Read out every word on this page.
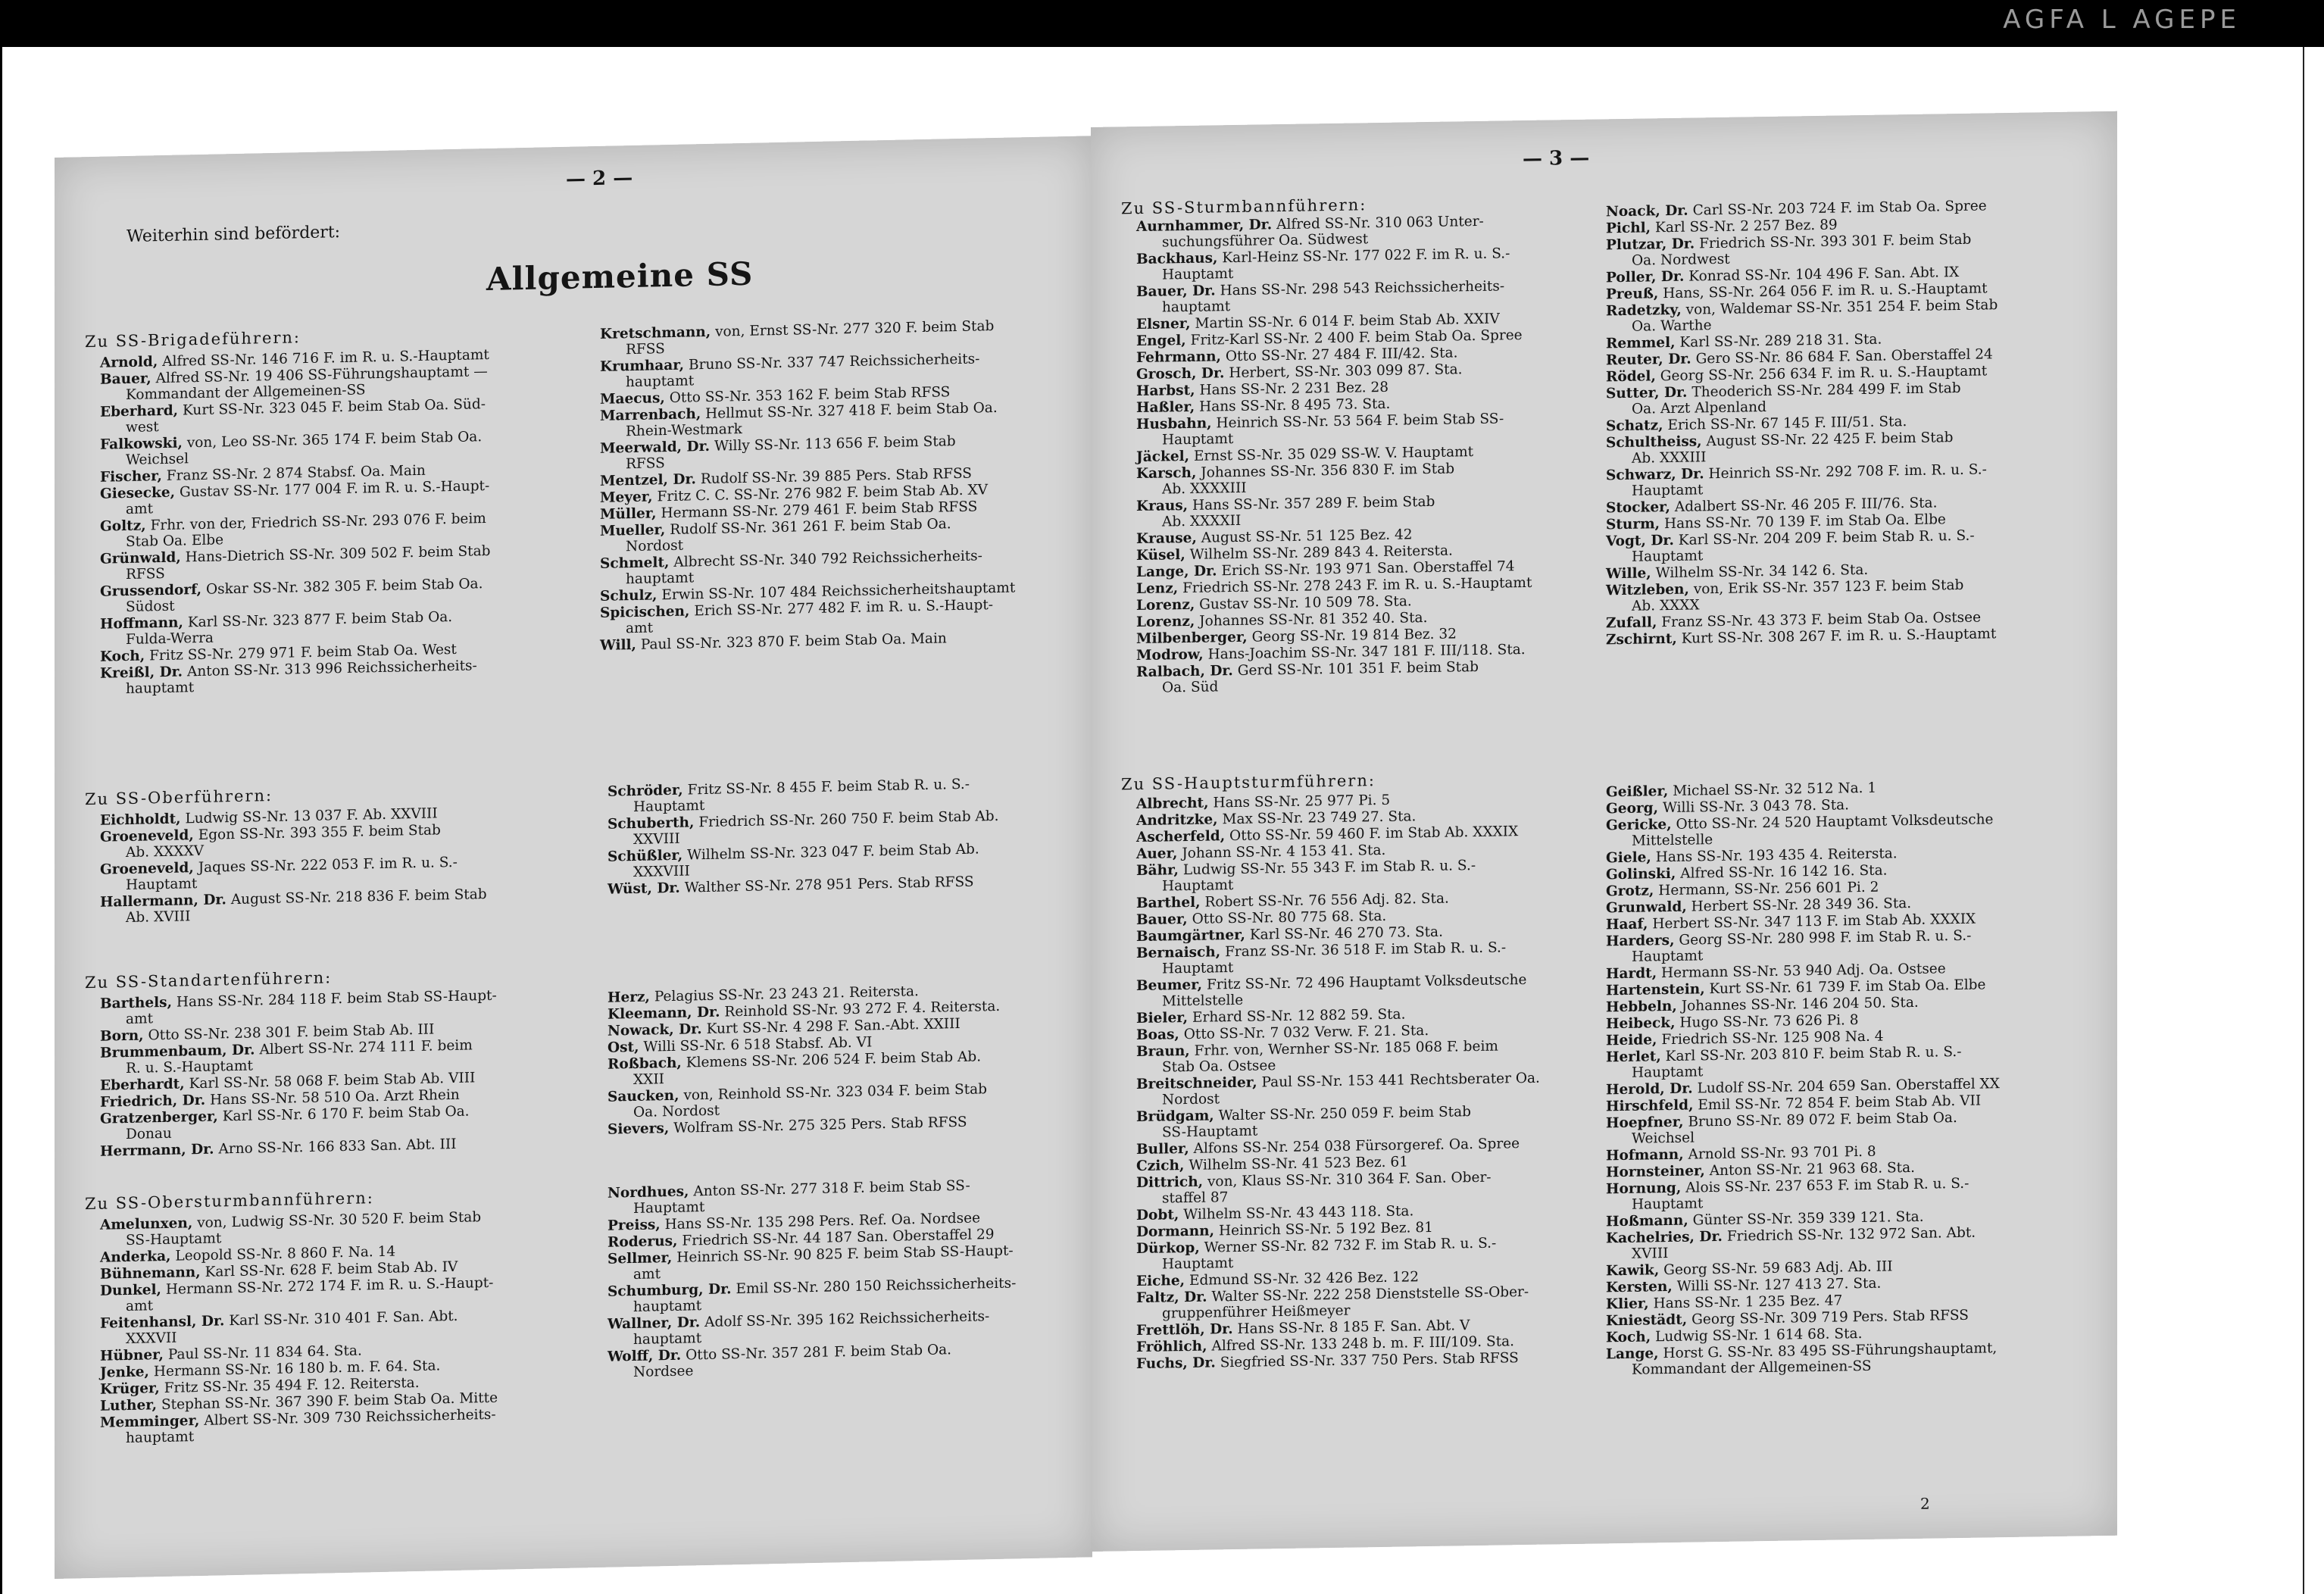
AGFA L AGEPE
— 2 —
Weiterhin sind befördert:
Allgemeine SS
Zu SS-Brigadeführern:
Arnold, Alfred SS-Nr. 146 716 F. im R. u. S.-Hauptamt
Bauer, Alfred SS-Nr. 19 406 SS-Führungshauptamt —
Kommandant der Allgemeinen-SS
Eberhard, Kurt SS-Nr. 323 045 F. beim Stab Oa. Süd-
west
Falkowski, von, Leo SS-Nr. 365 174 F. beim Stab Oa.
Weichsel
Fischer, Franz SS-Nr. 2 874 Stabsf. Oa. Main
Giesecke, Gustav SS-Nr. 177 004 F. im R. u. S.-Haupt-
amt
Goltz, Frhr. von der, Friedrich SS-Nr. 293 076 F. beim
Stab Oa. Elbe
Grünwald, Hans-Dietrich SS-Nr. 309 502 F. beim Stab
RFSS
Grussendorf, Oskar SS-Nr. 382 305 F. beim Stab Oa.
Südost
Hoffmann, Karl SS-Nr. 323 877 F. beim Stab Oa.
Fulda-Werra
Koch, Fritz SS-Nr. 279 971 F. beim Stab Oa. West
Kreißl, Dr. Anton SS-Nr. 313 996 Reichssicherheits-
hauptamt
Kretschmann, von, Ernst SS-Nr. 277 320 F. beim Stab
RFSS
Krumhaar, Bruno SS-Nr. 337 747 Reichssicherheits-
hauptamt
Maecus, Otto SS-Nr. 353 162 F. beim Stab RFSS
Marrenbach, Hellmut SS-Nr. 327 418 F. beim Stab Oa.
Rhein-Westmark
Meerwald, Dr. Willy SS-Nr. 113 656 F. beim Stab
RFSS
Mentzel, Dr. Rudolf SS-Nr. 39 885 Pers. Stab RFSS
Meyer, Fritz C. C. SS-Nr. 276 982 F. beim Stab Ab. XV
Müller, Hermann SS-Nr. 279 461 F. beim Stab RFSS
Mueller, Rudolf SS-Nr. 361 261 F. beim Stab Oa.
Nordost
Schmelt, Albrecht SS-Nr. 340 792 Reichssicherheits-
hauptamt
Schulz, Erwin SS-Nr. 107 484 Reichssicherheitshauptamt
Spicischen, Erich SS-Nr. 277 482 F. im R. u. S.-Haupt-
amt
Will, Paul SS-Nr. 323 870 F. beim Stab Oa. Main
Zu SS-Oberführern:
Eichholdt, Ludwig SS-Nr. 13 037 F. Ab. XXVIII
Groeneveld, Egon SS-Nr. 393 355 F. beim Stab
Ab. XXXXV
Groeneveld, Jaques SS-Nr. 222 053 F. im R. u. S.-
Hauptamt
Hallermann, Dr. August SS-Nr. 218 836 F. beim Stab
Ab. XVIII
Schröder, Fritz SS-Nr. 8 455 F. beim Stab R. u. S.-
Hauptamt
Schuberth, Friedrich SS-Nr. 260 750 F. beim Stab Ab.
XXVIII
Schüßler, Wilhelm SS-Nr. 323 047 F. beim Stab Ab.
XXXVIII
Wüst, Dr. Walther SS-Nr. 278 951 Pers. Stab RFSS
Zu SS-Standartenführern:
Barthels, Hans SS-Nr. 284 118 F. beim Stab SS-Haupt-
amt
Born, Otto SS-Nr. 238 301 F. beim Stab Ab. III
Brummenbaum, Dr. Albert SS-Nr. 274 111 F. beim
R. u. S.-Hauptamt
Eberhardt, Karl SS-Nr. 58 068 F. beim Stab Ab. VIII
Friedrich, Dr. Hans SS-Nr. 58 510 Oa. Arzt Rhein
Gratzenberger, Karl SS-Nr. 6 170 F. beim Stab Oa.
Donau
Herrmann, Dr. Arno SS-Nr. 166 833 San. Abt. III
Herz, Pelagius SS-Nr. 23 243 21. Reitersta.
Kleemann, Dr. Reinhold SS-Nr. 93 272 F. 4. Reitersta.
Nowack, Dr. Kurt SS-Nr. 4 298 F. San.-Abt. XXIII
Ost, Willi SS-Nr. 6 518 Stabsf. Ab. VI
Roßbach, Klemens SS-Nr. 206 524 F. beim Stab Ab.
XXII
Saucken, von, Reinhold SS-Nr. 323 034 F. beim Stab
Oa. Nordost
Sievers, Wolfram SS-Nr. 275 325 Pers. Stab RFSS
Zu SS-Obersturmbannführern:
Amelunxen, von, Ludwig SS-Nr. 30 520 F. beim Stab
SS-Hauptamt
Anderka, Leopold SS-Nr. 8 860 F. Na. 14
Bühnemann, Karl SS-Nr. 628 F. beim Stab Ab. IV
Dunkel, Hermann SS-Nr. 272 174 F. im R. u. S.-Haupt-
amt
Feitenhansl, Dr. Karl SS-Nr. 310 401 F. San. Abt.
XXXVII
Hübner, Paul SS-Nr. 11 834 64. Sta.
Jenke, Hermann SS-Nr. 16 180 b. m. F. 64. Sta.
Krüger, Fritz SS-Nr. 35 494 F. 12. Reitersta.
Luther, Stephan SS-Nr. 367 390 F. beim Stab Oa. Mitte
Memminger, Albert SS-Nr. 309 730 Reichssicherheits-
hauptamt
Nordhues, Anton SS-Nr. 277 318 F. beim Stab SS-
Hauptamt
Preiss, Hans SS-Nr. 135 298 Pers. Ref. Oa. Nordsee
Roderus, Friedrich SS-Nr. 44 187 San. Oberstaffel 29
Sellmer, Heinrich SS-Nr. 90 825 F. beim Stab SS-Haupt-
amt
Schumburg, Dr. Emil SS-Nr. 280 150 Reichssicherheits-
hauptamt
Wallner, Dr. Adolf SS-Nr. 395 162 Reichssicherheits-
hauptamt
Wolff, Dr. Otto SS-Nr. 357 281 F. beim Stab Oa.
Nordsee
— 3 —
Zu SS-Sturmbannführern:
Aurnhammer, Dr. Alfred SS-Nr. 310 063 Unter-
suchungsführer Oa. Südwest
Backhaus, Karl-Heinz SS-Nr. 177 022 F. im R. u. S.-
Hauptamt
Bauer, Dr. Hans SS-Nr. 298 543 Reichssicherheits-
hauptamt
Elsner, Martin SS-Nr. 6 014 F. beim Stab Ab. XXIV
Engel, Fritz-Karl SS-Nr. 2 400 F. beim Stab Oa. Spree
Fehrmann, Otto SS-Nr. 27 484 F. III/42. Sta.
Grosch, Dr. Herbert, SS-Nr. 303 099 87. Sta.
Harbst, Hans SS-Nr. 2 231 Bez. 28
Haßler, Hans SS-Nr. 8 495 73. Sta.
Husbahn, Heinrich SS-Nr. 53 564 F. beim Stab SS-
Hauptamt
Jäckel, Ernst SS-Nr. 35 029 SS-W. V. Hauptamt
Karsch, Johannes SS-Nr. 356 830 F. im Stab
Ab. XXXXIII
Kraus, Hans SS-Nr. 357 289 F. beim Stab
Ab. XXXXII
Krause, August SS-Nr. 51 125 Bez. 42
Küsel, Wilhelm SS-Nr. 289 843 4. Reitersta.
Lange, Dr. Erich SS-Nr. 193 971 San. Oberstaffel 74
Lenz, Friedrich SS-Nr. 278 243 F. im R. u. S.-Hauptamt
Lorenz, Gustav SS-Nr. 10 509 78. Sta.
Lorenz, Johannes SS-Nr. 81 352 40. Sta.
Milbenberger, Georg SS-Nr. 19 814 Bez. 32
Modrow, Hans-Joachim SS-Nr. 347 181 F. III/118. Sta.
Ralbach, Dr. Gerd SS-Nr. 101 351 F. beim Stab
Oa. Süd
Noack, Dr. Carl SS-Nr. 203 724 F. im Stab Oa. Spree
Pichl, Karl SS-Nr. 2 257 Bez. 89
Plutzar, Dr. Friedrich SS-Nr. 393 301 F. beim Stab
Oa. Nordwest
Poller, Dr. Konrad SS-Nr. 104 496 F. San. Abt. IX
Preuß, Hans, SS-Nr. 264 056 F. im R. u. S.-Hauptamt
Radetzky, von, Waldemar SS-Nr. 351 254 F. beim Stab
Oa. Warthe
Remmel, Karl SS-Nr. 289 218 31. Sta.
Reuter, Dr. Gero SS-Nr. 86 684 F. San. Oberstaffel 24
Rödel, Georg SS-Nr. 256 634 F. im R. u. S.-Hauptamt
Sutter, Dr. Theoderich SS-Nr. 284 499 F. im Stab
Oa. Arzt Alpenland
Schatz, Erich SS-Nr. 67 145 F. III/51. Sta.
Schultheiss, August SS-Nr. 22 425 F. beim Stab
Ab. XXXIII
Schwarz, Dr. Heinrich SS-Nr. 292 708 F. im. R. u. S.-
Hauptamt
Stocker, Adalbert SS-Nr. 46 205 F. III/76. Sta.
Sturm, Hans SS-Nr. 70 139 F. im Stab Oa. Elbe
Vogt, Dr. Karl SS-Nr. 204 209 F. beim Stab R. u. S.-
Hauptamt
Wille, Wilhelm SS-Nr. 34 142 6. Sta.
Witzleben, von, Erik SS-Nr. 357 123 F. beim Stab
Ab. XXXX
Zufall, Franz SS-Nr. 43 373 F. beim Stab Oa. Ostsee
Zschirnt, Kurt SS-Nr. 308 267 F. im R. u. S.-Hauptamt
Zu SS-Hauptsturmführern:
Albrecht, Hans SS-Nr. 25 977 Pi. 5
Andritzke, Max SS-Nr. 23 749 27. Sta.
Ascherfeld, Otto SS-Nr. 59 460 F. im Stab Ab. XXXIX
Auer, Johann SS-Nr. 4 153 41. Sta.
Bähr, Ludwig SS-Nr. 55 343 F. im Stab R. u. S.-
Hauptamt
Barthel, Robert SS-Nr. 76 556 Adj. 82. Sta.
Bauer, Otto SS-Nr. 80 775 68. Sta.
Baumgärtner, Karl SS-Nr. 46 270 73. Sta.
Bernaisch, Franz SS-Nr. 36 518 F. im Stab R. u. S.-
Hauptamt
Beumer, Fritz SS-Nr. 72 496 Hauptamt Volksdeutsche
Mittelstelle
Bieler, Erhard SS-Nr. 12 882 59. Sta.
Boas, Otto SS-Nr. 7 032 Verw. F. 21. Sta.
Braun, Frhr. von, Wernher SS-Nr. 185 068 F. beim
Stab Oa. Ostsee
Breitschneider, Paul SS-Nr. 153 441 Rechtsberater Oa.
Nordost
Brüdgam, Walter SS-Nr. 250 059 F. beim Stab
SS-Hauptamt
Buller, Alfons SS-Nr. 254 038 Fürsorgeref. Oa. Spree
Czich, Wilhelm SS-Nr. 41 523 Bez. 61
Dittrich, von, Klaus SS-Nr. 310 364 F. San. Ober-
staffel 87
Dobt, Wilhelm SS-Nr. 43 443 118. Sta.
Dormann, Heinrich SS-Nr. 5 192 Bez. 81
Dürkop, Werner SS-Nr. 82 732 F. im Stab R. u. S.-
Hauptamt
Eiche, Edmund SS-Nr. 32 426 Bez. 122
Faltz, Dr. Walter SS-Nr. 222 258 Dienststelle SS-Ober-
gruppenführer Heißmeyer
Frettlöh, Dr. Hans SS-Nr. 8 185 F. San. Abt. V
Fröhlich, Alfred SS-Nr. 133 248 b. m. F. III/109. Sta.
Fuchs, Dr. Siegfried SS-Nr. 337 750 Pers. Stab RFSS
Geißler, Michael SS-Nr. 32 512 Na. 1
Georg, Willi SS-Nr. 3 043 78. Sta.
Gericke, Otto SS-Nr. 24 520 Hauptamt Volksdeutsche
Mittelstelle
Giele, Hans SS-Nr. 193 435 4. Reitersta.
Golinski, Alfred SS-Nr. 16 142 16. Sta.
Grotz, Hermann, SS-Nr. 256 601 Pi. 2
Grunwald, Herbert SS-Nr. 28 349 36. Sta.
Haaf, Herbert SS-Nr. 347 113 F. im Stab Ab. XXXIX
Harders, Georg SS-Nr. 280 998 F. im Stab R. u. S.-
Hauptamt
Hardt, Hermann SS-Nr. 53 940 Adj. Oa. Ostsee
Hartenstein, Kurt SS-Nr. 61 739 F. im Stab Oa. Elbe
Hebbeln, Johannes SS-Nr. 146 204 50. Sta.
Heibeck, Hugo SS-Nr. 73 626 Pi. 8
Heide, Friedrich SS-Nr. 125 908 Na. 4
Herlet, Karl SS-Nr. 203 810 F. beim Stab R. u. S.-
Hauptamt
Herold, Dr. Ludolf SS-Nr. 204 659 San. Oberstaffel XX
Hirschfeld, Emil SS-Nr. 72 854 F. beim Stab Ab. VII
Hoepfner, Bruno SS-Nr. 89 072 F. beim Stab Oa.
Weichsel
Hofmann, Arnold SS-Nr. 93 701 Pi. 8
Hornsteiner, Anton SS-Nr. 21 963 68. Sta.
Hornung, Alois SS-Nr. 237 653 F. im Stab R. u. S.-
Hauptamt
Hoßmann, Günter SS-Nr. 359 339 121. Sta.
Kachelries, Dr. Friedrich SS-Nr. 132 972 San. Abt.
XVIII
Kawik, Georg SS-Nr. 59 683 Adj. Ab. III
Kersten, Willi SS-Nr. 127 413 27. Sta.
Klier, Hans SS-Nr. 1 235 Bez. 47
Kniestädt, Georg SS-Nr. 309 719 Pers. Stab RFSS
Koch, Ludwig SS-Nr. 1 614 68. Sta.
Lange, Horst G. SS-Nr. 83 495 SS-Führungshauptamt,
Kommandant der Allgemeinen-SS
2
